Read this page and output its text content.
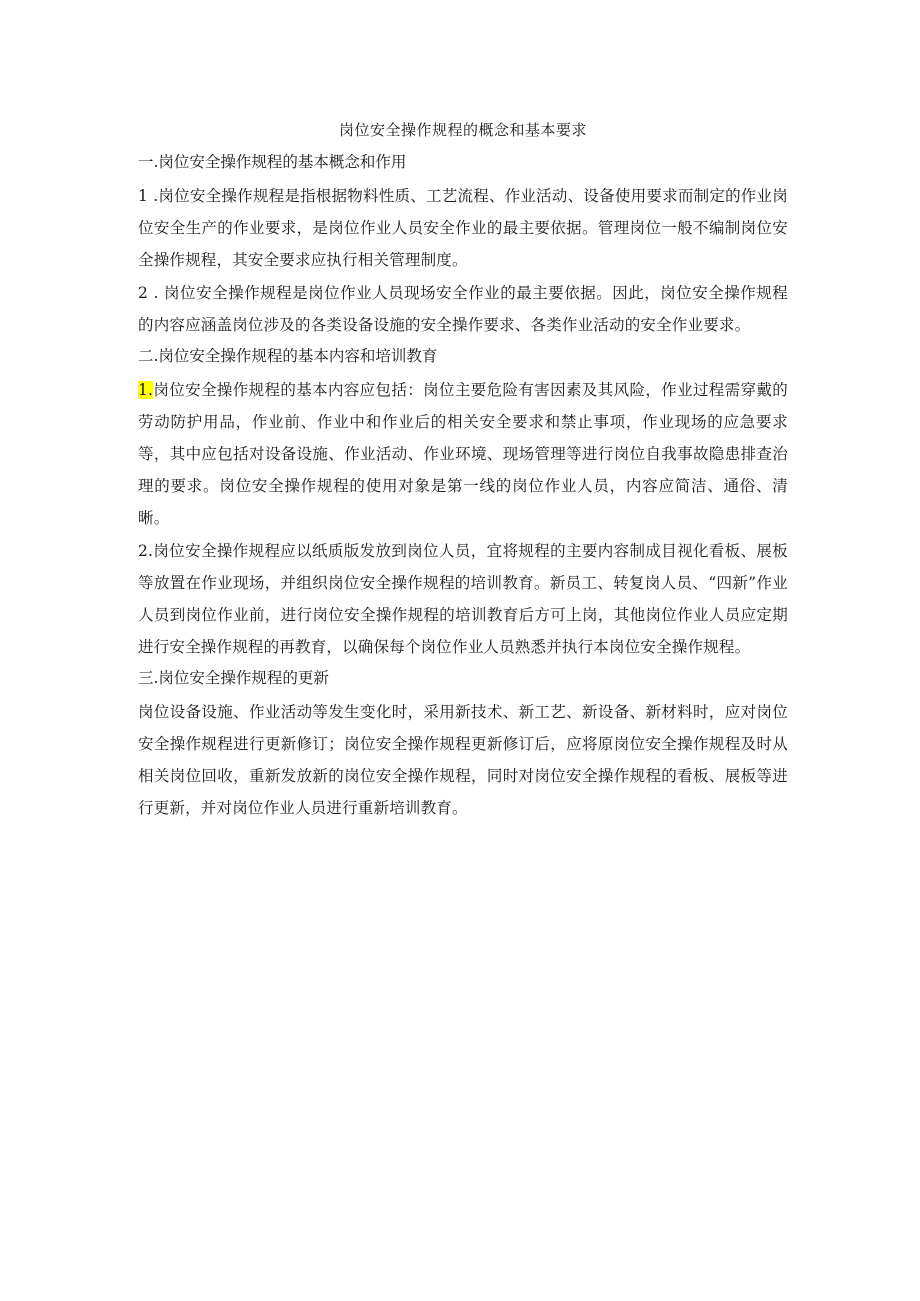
岗位安全操作规程的概念和基本要求
一.岗位安全操作规程的基本概念和作用

1 .岗位安全操作规程是指根据物料性质、工艺流程、作业活动、设备使用要求而制定的作业岗位安全生产的作业要求，是岗位作业人员安全作业的最主要依据。管理岗位一般不编制岗位安全操作规程，其安全要求应执行相关管理制度。

2 . 岗位安全操作规程是岗位作业人员现场安全作业的最主要依据。因此，岗位安全操作规程的内容应涵盖岗位涉及的各类设备设施的安全操作要求、各类作业活动的安全作业要求。

二.岗位安全操作规程的基本内容和培训教育

1.岗位安全操作规程的基本内容应包括：岗位主要危险有害因素及其风险，作业过程需穿戴的劳动防护用品，作业前、作业中和作业后的相关安全要求和禁止事项，作业现场的应急要求等，其中应包括对设备设施、作业活动、作业环境、现场管理等进行岗位自我事故隐患排查治理的要求。岗位安全操作规程的使用对象是第一线的岗位作业人员，内容应简洁、通俗、清晰。

2.岗位安全操作规程应以纸质版发放到岗位人员，宜将规程的主要内容制成目视化看板、展板等放置在作业现场，并组织岗位安全操作规程的培训教育。新员工、转复岗人员、“四新”作业人员到岗位作业前，进行岗位安全操作规程的培训教育后方可上岗，其他岗位作业人员应定期进行安全操作规程的再教育，以确保每个岗位作业人员熟悉并执行本岗位安全操作规程。

三.岗位安全操作规程的更新

岗位设备设施、作业活动等发生变化时，采用新技术、新工艺、新设备、新材料时，应对岗位安全操作规程进行更新修订；岗位安全操作规程更新修订后，应将原岗位安全操作规程及时从相关岗位回收，重新发放新的岗位安全操作规程，同时对岗位安全操作规程的看板、展板等进行更新，并对岗位作业人员进行重新培训教育。
